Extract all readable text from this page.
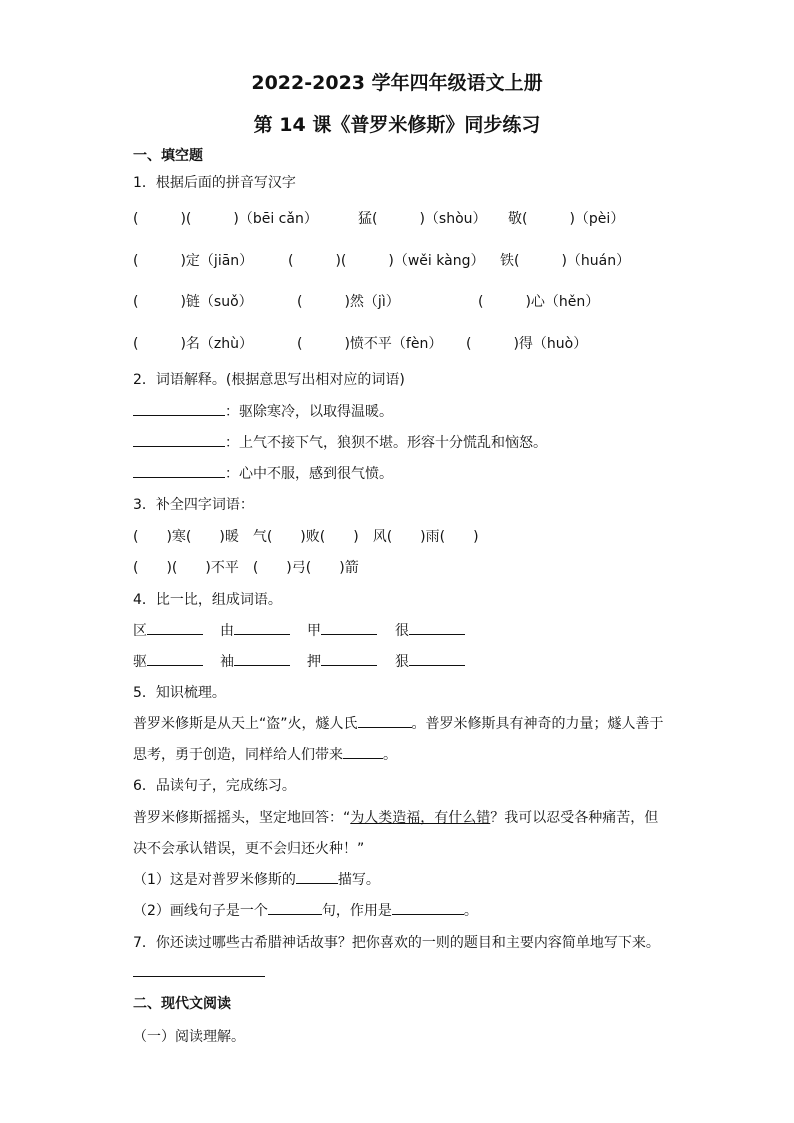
2022-2023 学年四年级语文上册
第 14 课《普罗米修斯》同步练习
一、填空题
1．根据后面的拼音写汉字
(　　　)(　　　)（bēi cǎn）	猛(　　　)（shòu） 敬(　　　)（pèi）
(　　　)定（jiān） (　　　)(　　　)（wěi kàng） 铁(　　　)（huán）
(　　　)链（suǒ）	(　　　)然（jì）	(　　　)心（hěn）
(　　　)名（zhù）	(　　　)愤不平（fèn） (　　　)得（huò）
2．词语解释。(根据意思写出相对应的词语)
：驱除寒冷，以取得温暖。
：上气不接下气，狼狈不堪。形容十分慌乱和恼怒。
：心中不服，感到很气愤。
3．补全四字词语：
(　　)寒(　　)暖　气(　　)败(　　)　风(　　)雨(　　)
(　　)(　　)不平　(　　)弓(　　)箭
4．比一比，组成词语。
区	由	甲	很
驱	袖	押	狠
5．知识梳理。
普罗米修斯是从天上“盗”火，燧人氏	。普罗米修斯具有神奇的力量；燧人善于
思考，勇于创造，同样给人们带来	。
6．品读句子，完成练习。
普罗米修斯摇摇头，坚定地回答：“为人类造福，有什么错？我可以忍受各种痛苦，但
决不会承认错误，更不会归还火种！”
（1）这是对普罗米修斯的	描写。
（2）画线句子是一个	句，作用是	。
7．你还读过哪些古希腊神话故事？把你喜欢的一则的题目和主要内容简单地写下来。
二、现代文阅读
（一）阅读理解。
